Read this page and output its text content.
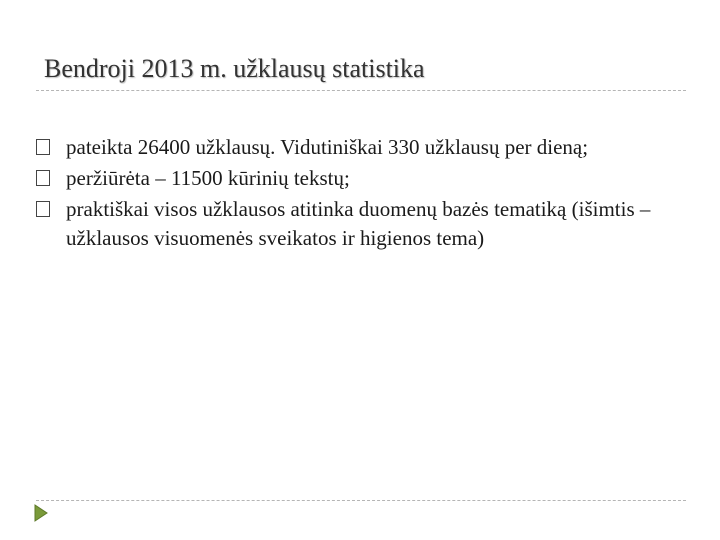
Bendroji 2013 m. užklausų statistika
pateikta 26400 užklausų. Vidutiniškai 330 užklausų per dieną;
peržiūrėta – 11500 kūrinių tekstų;
praktiškai visos užklausos atitinka duomenų bazės tematiką (išimtis – užklausos visuomenės sveikatos ir higienos tema)
